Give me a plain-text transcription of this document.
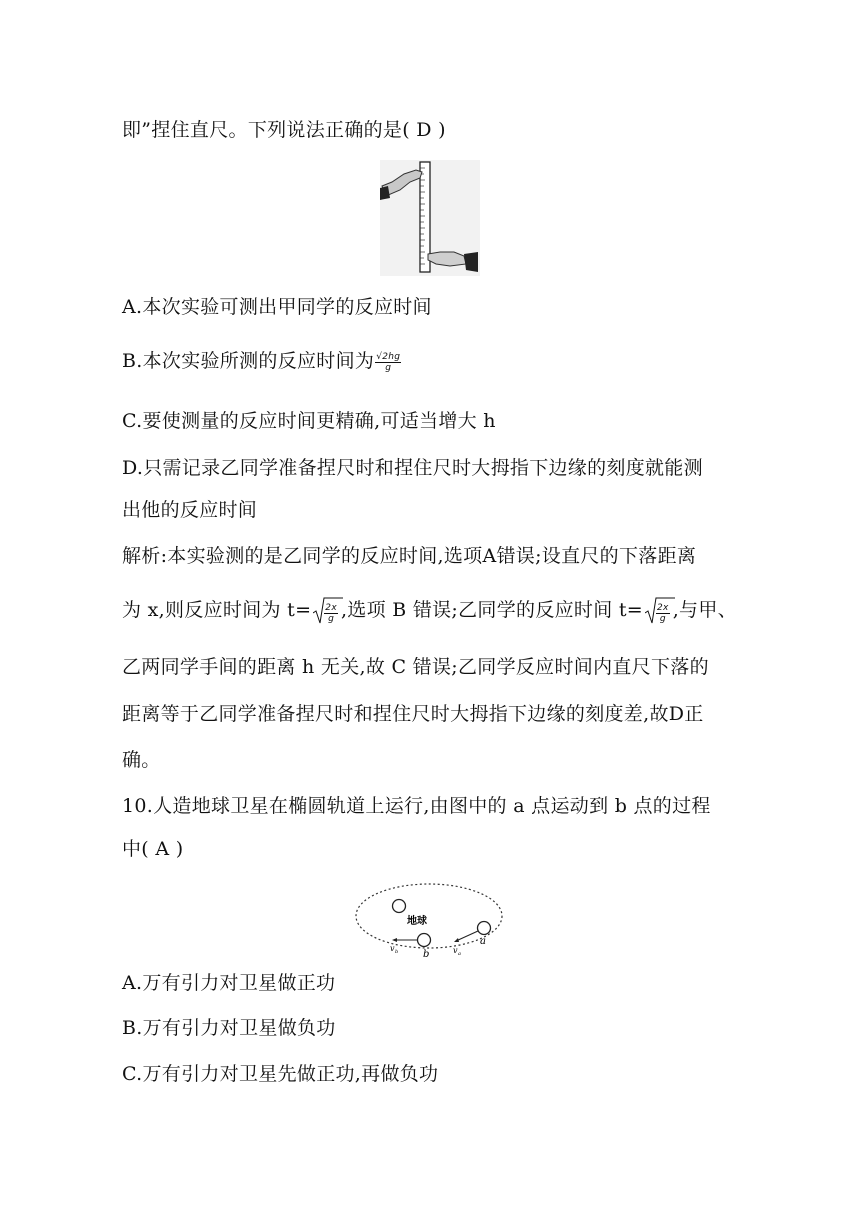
即”捏住直尺。下列说法正确的是( D )
A.本次实验可测出甲同学的反应时间
B.本次实验所测的反应时间为 $\frac{√2hg}{g}$
C.要使测量的反应时间更精确,可适当增大 h
D.只需记录乙同学准备捏尺时和捏住尺时大拇指下边缘的刻度就能测
出他的反应时间
解析:本实验测的是乙同学的反应时间,选项A错误;设直尺的下落距离
为 x,则反应时间为 $t= \frac{2x}{g}$ ,选项 B 错误;乙同学的反应时间 $t= \frac{2x}{g}$ ,与甲、
乙两同学手间的距离 h 无关,故 C 错误;乙同学反应时间内直尺下落的
距离等于乙同学准备捏尺时和捏住尺时大拇指下边缘的刻度差,故D正
确。
10.人造地球卫星在椭圆轨道上运行,由图中的 a 点运动到 b 点的过程
中( A )
地球
b
a
v b	v a
A.万有引力对卫星做正功
B.万有引力对卫星做负功
C.万有引力对卫星先做正功,再做负功
